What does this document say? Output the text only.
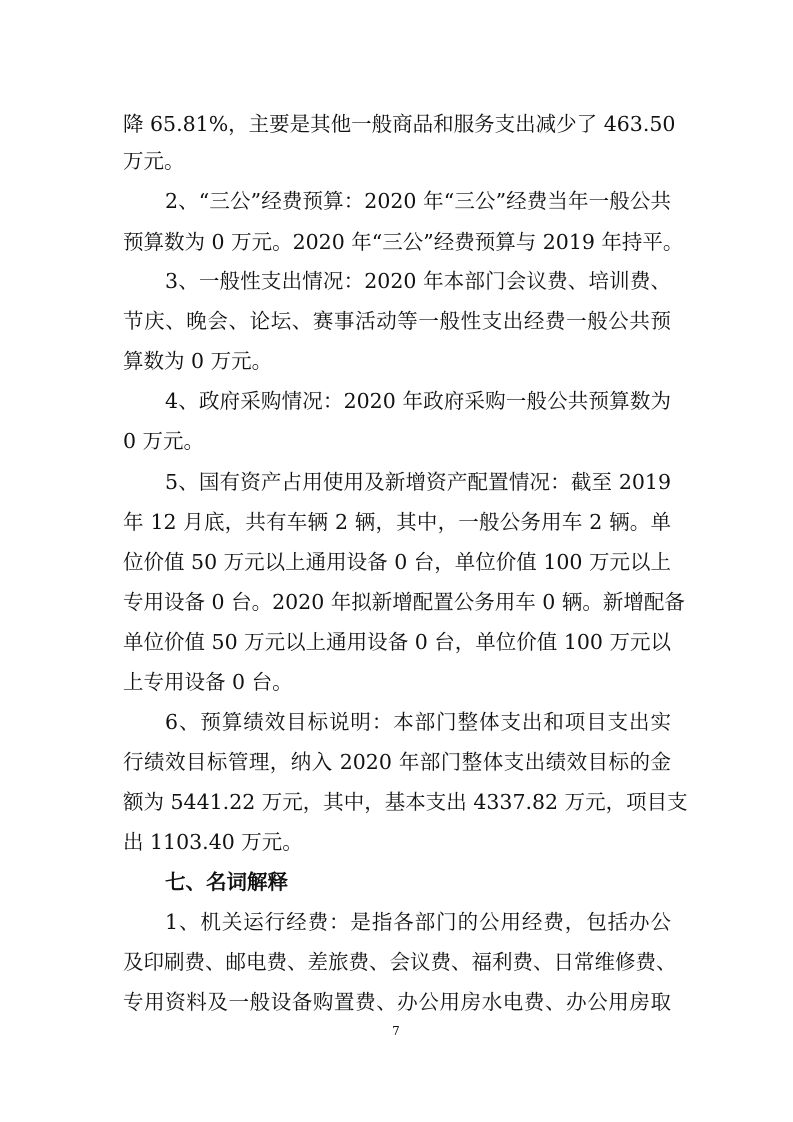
降 65.81%，主要是其他一般商品和服务支出减少了 463.50
万元。
2、“三公”经费预算：2020 年“三公”经费当年一般公共
预算数为 0 万元。2020 年“三公”经费预算与 2019 年持平。
3、一般性支出情况：2020 年本部门会议费、培训费、
节庆、晚会、论坛、赛事活动等一般性支出经费一般公共预
算数为 0 万元。
4、政府采购情况：2020 年政府采购一般公共预算数为
0 万元。
5、国有资产占用使用及新增资产配置情况：截至 2019
年 12 月底，共有车辆 2 辆，其中，一般公务用车 2 辆。单
位价值 50 万元以上通用设备 0 台，单位价值 100 万元以上
专用设备 0 台。2020 年拟新增配置公务用车 0 辆。新增配备
单位价值 50 万元以上通用设备 0 台，单位价值 100 万元以
上专用设备 0 台。
6、预算绩效目标说明：本部门整体支出和项目支出实
行绩效目标管理，纳入 2020 年部门整体支出绩效目标的金
额为 5441.22 万元，其中，基本支出 4337.82 万元，项目支
出 1103.40 万元。
七、名词解释
1、机关运行经费：是指各部门的公用经费，包括办公
及印刷费、邮电费、差旅费、会议费、福利费、日常维修费、
专用资料及一般设备购置费、办公用房水电费、办公用房取
7
